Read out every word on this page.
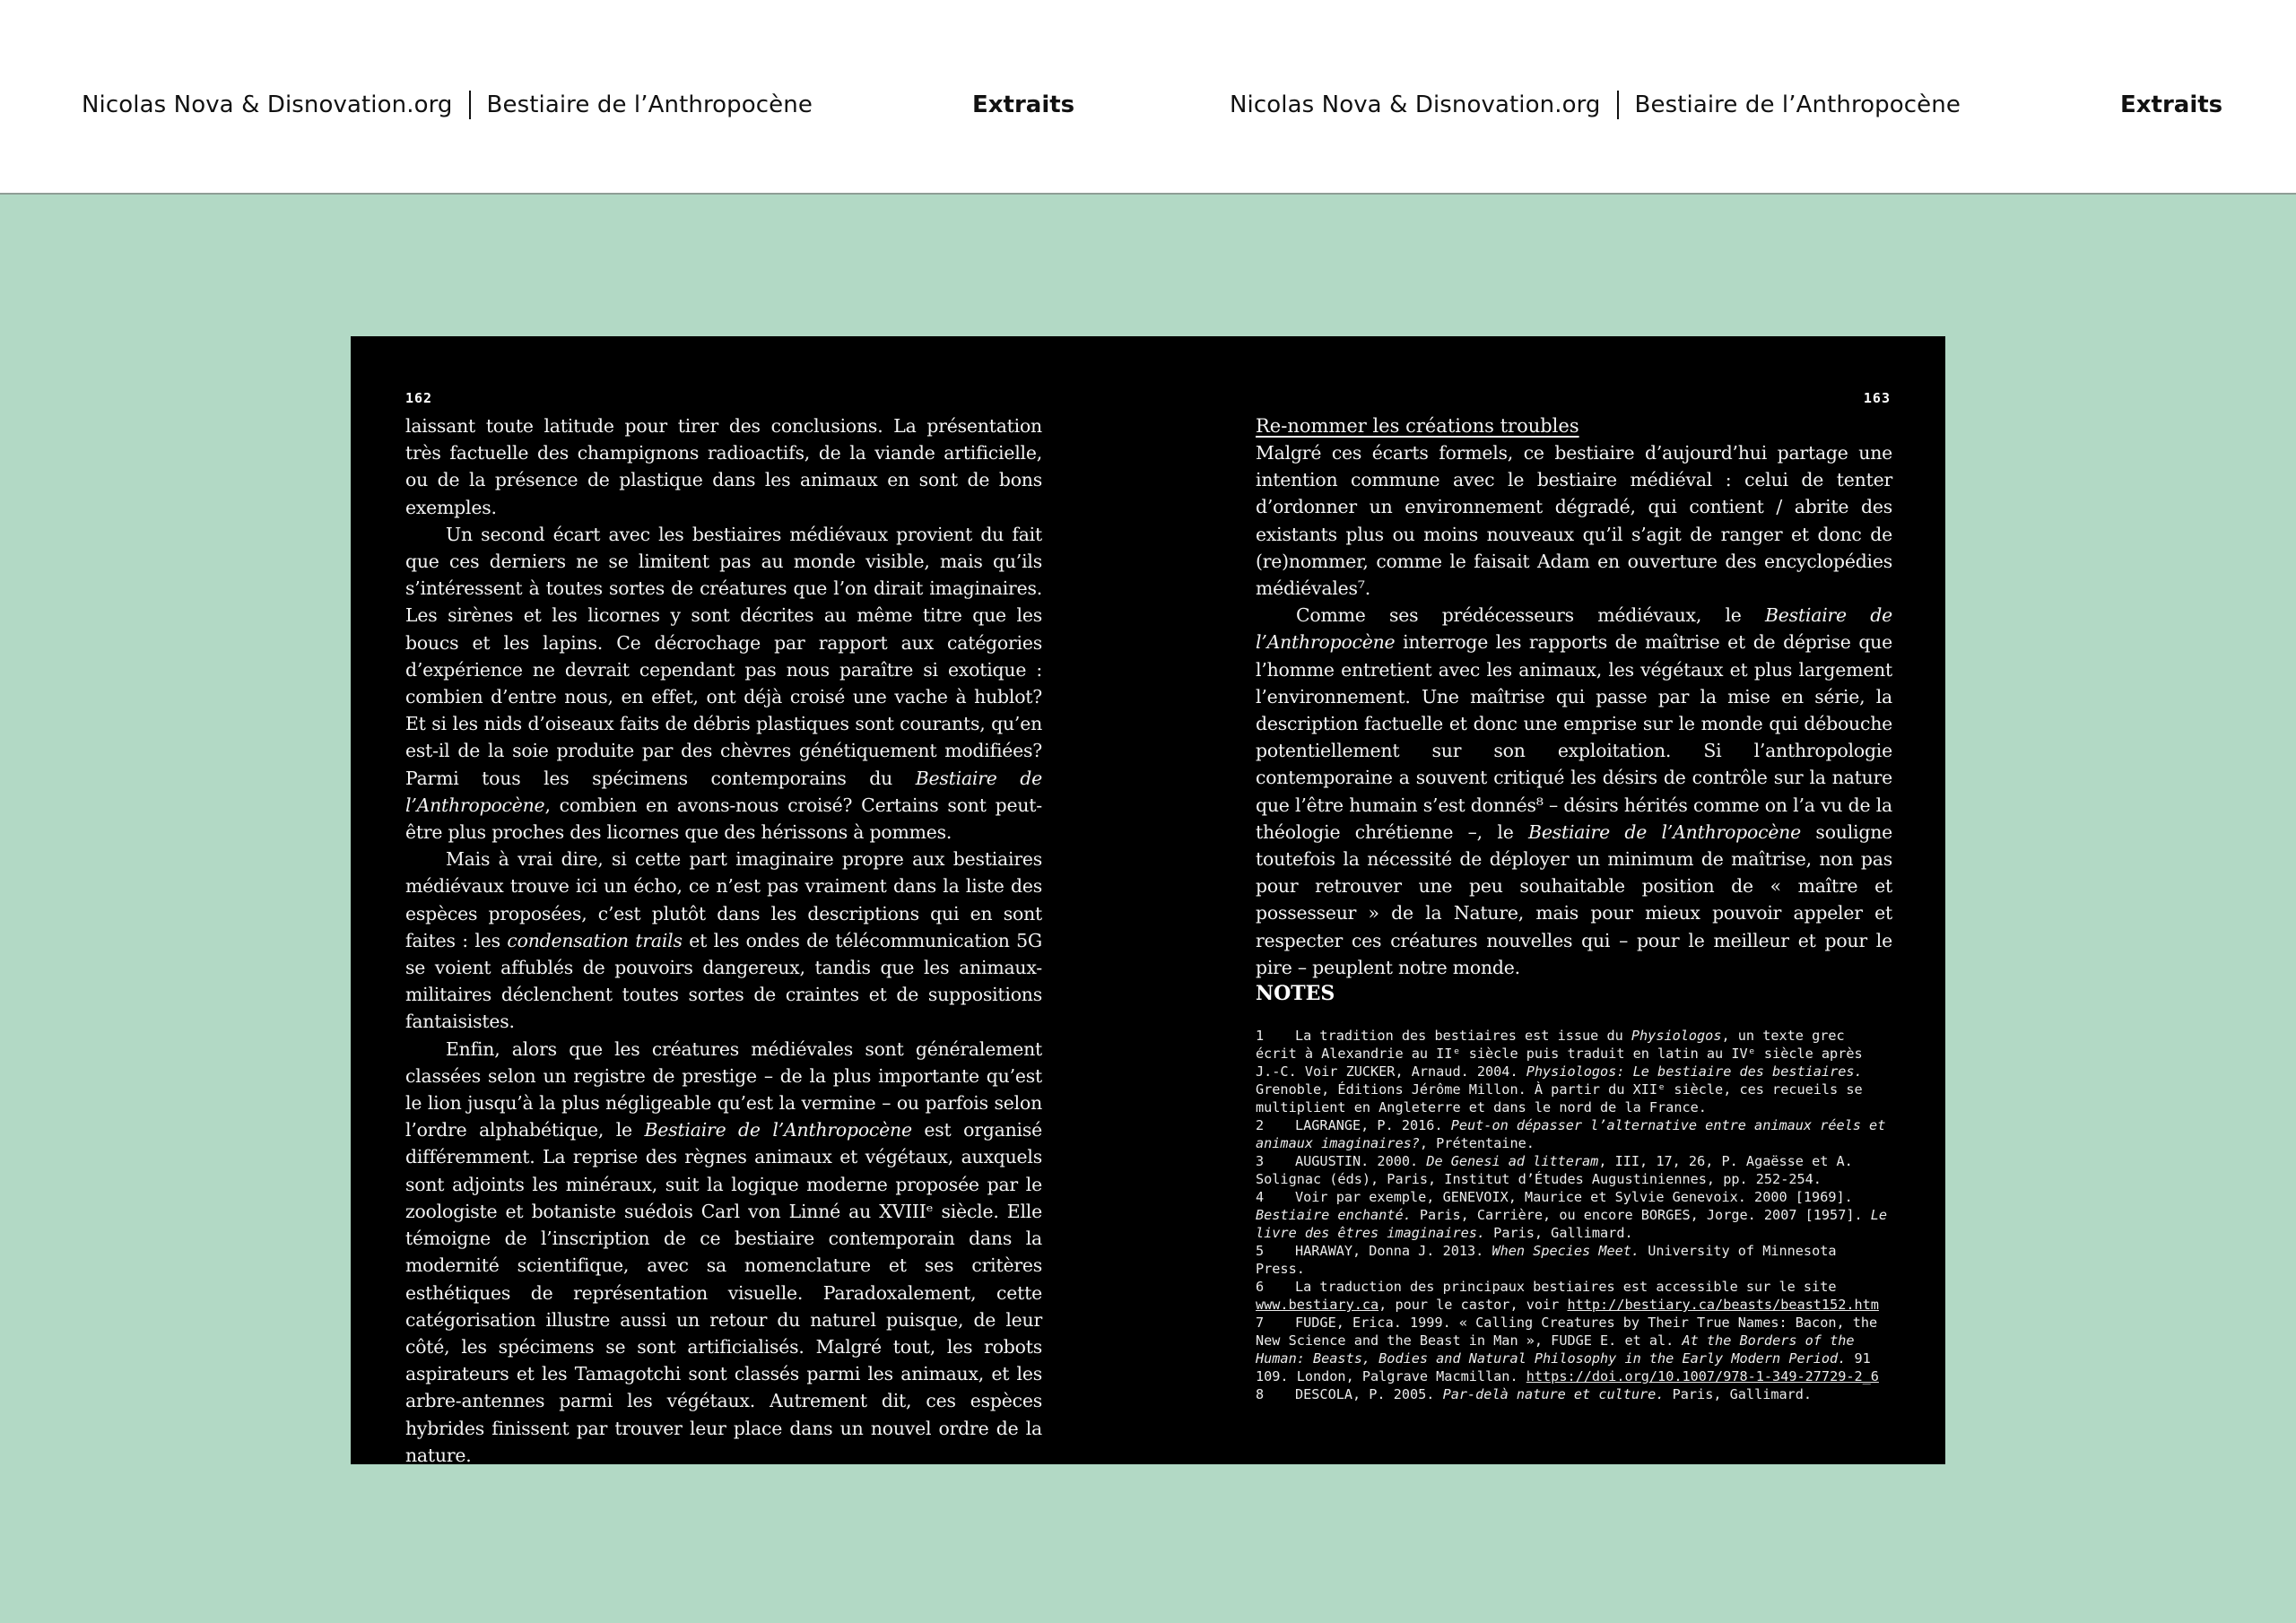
Nicolas Nova & Disnovation.org Bestiaire de l’Anthropocène	Extraits	Nicolas Nova & Disnovation.org Bestiaire de l’Anthropocène	Extraits
162	163

laissant toute latitude pour tirer des conclusions. La présentation très factuelle des champignons radioactifs, de la viande artificielle, ou de la présence de plastique dans les animaux en sont de bons exemples.

Un second écart avec les bestiaires médiévaux provient du fait que ces derniers ne se limitent pas au monde visible, mais qu’ils s’intéressent à toutes sortes de créatures que l’on dirait imaginaires. Les sirènes et les licornes y sont décrites au même titre que les boucs et les lapins. Ce décrochage par rapport aux catégories d’expérience ne devrait cependant pas nous paraître si exotique : combien d’entre nous, en effet, ont déjà croisé une vache à hublot? Et si les nids d’oiseaux faits de débris plastiques sont courants, qu’en est-il de la soie produite par des chèvres génétiquement modifiées? Parmi tous les spécimens contemporains du Bestiaire de l’Anthropocène, combien en avons-nous croisé? Certains sont peut-être plus proches des licornes que des hérissons à pommes.

Mais à vrai dire, si cette part imaginaire propre aux bestiaires médiévaux trouve ici un écho, ce n’est pas vraiment dans la liste des espèces proposées, c’est plutôt dans les descriptions qui en sont faites : les condensation trails et les ondes de télécommunication 5G se voient affublés de pouvoirs dangereux, tandis que les animaux-militaires déclenchent toutes sortes de craintes et de suppositions fantaisistes.

Enfin, alors que les créatures médiévales sont généralement classées selon un registre de prestige – de la plus importante qu’est le lion jusqu’à la plus négligeable qu’est la vermine – ou parfois selon l’ordre alphabétique, le Bestiaire de l’Anthropocène est organisé différemment. La reprise des règnes animaux et végétaux, auxquels sont adjoints les minéraux, suit la logique moderne proposée par le zoologiste et botaniste suédois Carl von Linné au XVIIIᵉ siècle. Elle témoigne de l’inscription de ce bestiaire contemporain dans la modernité scientifique, avec sa nomenclature et ses critères esthétiques de représentation visuelle. Paradoxalement, cette catégorisation illustre aussi un retour du naturel puisque, de leur côté, les spécimens se sont artificialisés. Malgré tout, les robots aspirateurs et les Tamagotchi sont classés parmi les animaux, et les arbre-antennes parmi les végétaux. Autrement dit, ces espèces hybrides finissent par trouver leur place dans un nouvel ordre de la nature.

Re-nommer les créations troubles

Malgré ces écarts formels, ce bestiaire d’aujourd’hui partage une intention commune avec le bestiaire médiéval : celui de tenter d’ordonner un environnement dégradé, qui contient / abrite des existants plus ou moins nouveaux qu’il s’agit de ranger et donc de (re)nommer, comme le faisait Adam en ouverture des encyclopédies médiévales⁷.

Comme ses prédécesseurs médiévaux, le Bestiaire de l’Anthropocène interroge les rapports de maîtrise et de déprise que l’homme entretient avec les animaux, les végétaux et plus largement l’environnement. Une maîtrise qui passe par la mise en série, la description factuelle et donc une emprise sur le monde qui débouche potentiellement sur son exploitation. Si l’anthropologie contemporaine a souvent critiqué les désirs de contrôle sur la nature que l’être humain s’est donnés⁸ – désirs hérités comme on l’a vu de la théologie chrétienne –, le Bestiaire de l’Anthropocène souligne toutefois la nécessité de déployer un minimum de maîtrise, non pas pour retrouver une peu souhaitable position de « maître et possesseur » de la Nature, mais pour mieux pouvoir appeler et respecter ces créatures nouvelles qui – pour le meilleur et pour le pire – peuplent notre monde.

NOTES
1 La tradition des bestiaires est issue du Physiologos, un texte grec écrit à Alexandrie au IIᵉ siècle puis traduit en latin au IVᵉ siècle après J.-C. Voir ZUCKER, Arnaud. 2004. Physiologos: Le bestiaire des bestiaires. Grenoble, Éditions Jérôme Millon. À partir du XIIᵉ siècle, ces recueils se multiplient en Angleterre et dans le nord de la France.
2 LAGRANGE, P. 2016. Peut-on dépasser l’alternative entre animaux réels et animaux imaginaires?, Prétentaine.
3 AUGUSTIN. 2000. De Genesi ad litteram, III, 17, 26, P. Agaësse et A. Solignac (éds), Paris, Institut d’Études Augustiniennes, pp. 252-254.
4 Voir par exemple, GENEVOIX, Maurice et Sylvie Genevoix. 2000 [1969]. Bestiaire enchanté. Paris, Carrière, ou encore BORGES, Jorge. 2007 [1957]. Le livre des êtres imaginaires. Paris, Gallimard.
5 HARAWAY, Donna J. 2013. When Species Meet. University of Minnesota Press.
6 La traduction des principaux bestiaires est accessible sur le site www.bestiary.ca, pour le castor, voir http://bestiary.ca/beasts/beast152.htm
7 FUDGE, Erica. 1999. « Calling Creatures by Their True Names: Bacon, the New Science and the Beast in Man », FUDGE E. et al. At the Borders of the Human: Beasts, Bodies and Natural Philosophy in the Early Modern Period. 91 109. London, Palgrave Macmillan. https://doi.org/10.1007/978-1-349-27729-2_6
8 DESCOLA, P. 2005. Par-delà nature et culture. Paris, Gallimard.
